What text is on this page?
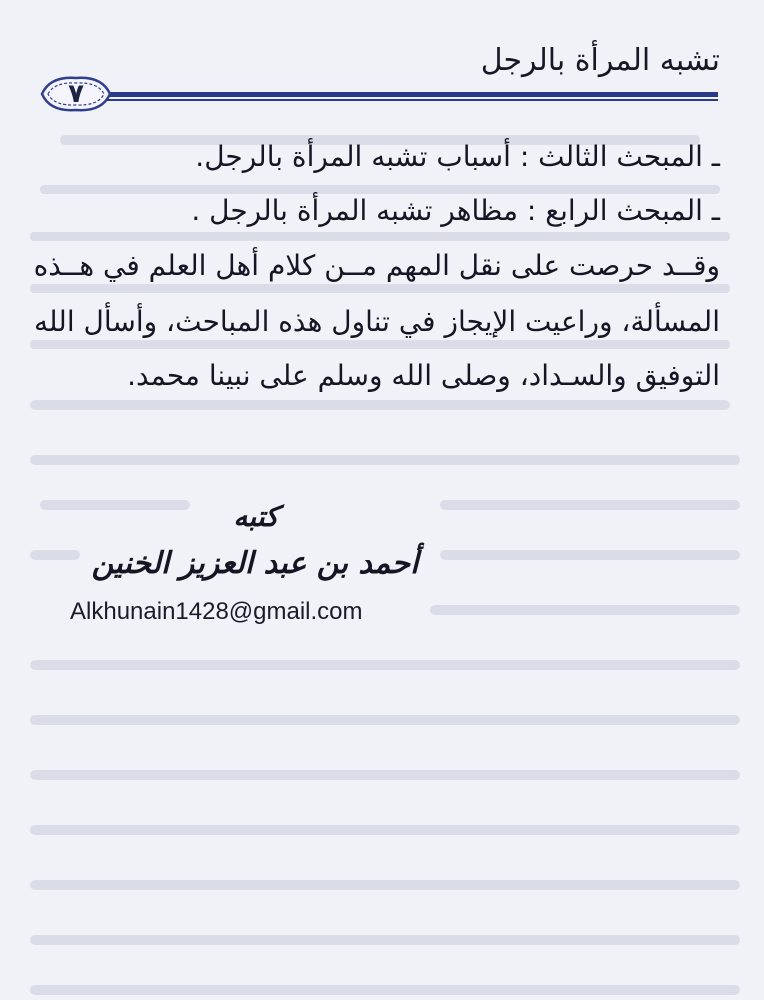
تشبه المرأة بالرجل
٧
ـ المبحث الثالث : أسباب تشبه المرأة بالرجل.
ـ المبحث الرابع : مظاهر تشبه المرأة بالرجل .
وقــد حرصت على نقل المهم مــن كلام أهل العلم في هــذه
المسألة، وراعيت الإيجاز في تناول هذه المباحث، وأسأل الله
التوفيق والسـداد، وصلى الله وسلم على نبينا محمد.
كتبه
أحمد بن عبد العزيز الخنين
Alkhunain1428@gmail.com
